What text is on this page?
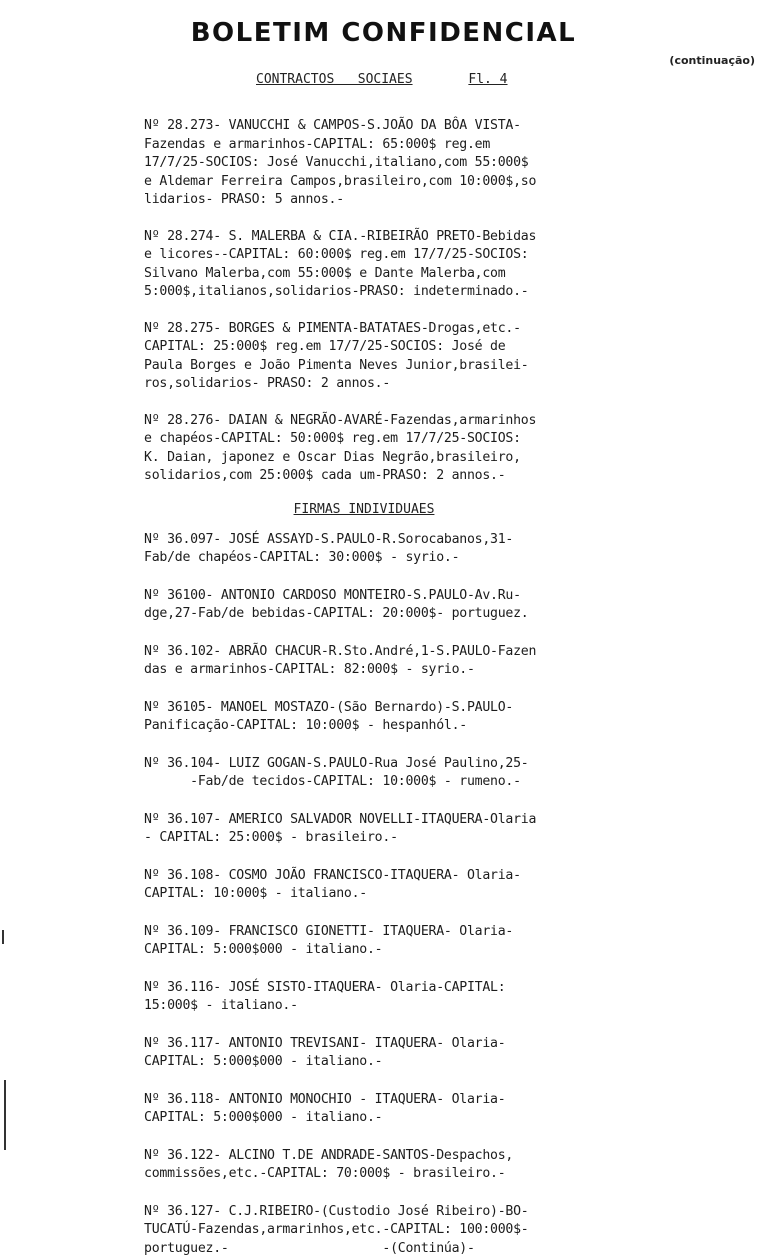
BOLETIM CONFIDENCIAL
(continuação)
CONTRACTOS   SOCIAES	Fl. 4
Nº 28.273- VANUCCHI & CAMPOS-S.JOÃO DA BÔA VISTA-
Fazendas e armarinhos-CAPITAL: 65:000$ reg.em
17/7/25-SOCIOS: José Vanucchi,italiano,com 55:000$
e Aldemar Ferreira Campos,brasileiro,com 10:000$,so
lidarios- PRASO: 5 annos.-
Nº 28.274- S. MALERBA & CIA.-RIBEIRÃO PRETO-Bebidas
e licores--CAPITAL: 60:000$ reg.em 17/7/25-SOCIOS:
Silvano Malerba,com 55:000$ e Dante Malerba,com
5:000$,italianos,solidarios-PRASO: indeterminado.-
Nº 28.275- BORGES & PIMENTA-BATATAES-Drogas,etc.-
CAPITAL: 25:000$ reg.em 17/7/25-SOCIOS: José de
Paula Borges e João Pimenta Neves Junior,brasilei-
ros,solidarios- PRASO: 2 annos.-
Nº 28.276- DAIAN & NEGRÃO-AVARÉ-Fazendas,armarinhos
e chapéos-CAPITAL: 50:000$ reg.em 17/7/25-SOCIOS:
K. Daian, japonez e Oscar Dias Negrão,brasileiro,
solidarios,com 25:000$ cada um-PRASO: 2 annos.-
FIRMAS INDIVIDUAES
Nº 36.097- JOSÉ ASSAYD-S.PAULO-R.Sorocabanos,31-
Fab/de chapéos-CAPITAL: 30:000$ - syrio.-
Nº 36100- ANTONIO CARDOSO MONTEIRO-S.PAULO-Av.Ru-
dge,27-Fab/de bebidas-CAPITAL: 20:000$- portuguez.
Nº 36.102- ABRÃO CHACUR-R.Sto.André,1-S.PAULO-Fazen
das e armarinhos-CAPITAL: 82:000$ - syrio.-
Nº 36105- MANOEL MOSTAZO-(São Bernardo)-S.PAULO-
Panificação-CAPITAL: 10:000$ - hespanhól.-
Nº 36.104- LUIZ GOGAN-S.PAULO-Rua José Paulino,25-
-Fab/de tecidos-CAPITAL: 10:000$ - rumeno.-
Nº 36.107- AMERICO SALVADOR NOVELLI-ITAQUERA-Olaria
- CAPITAL: 25:000$ - brasileiro.-
Nº 36.108- COSMO JOÃO FRANCISCO-ITAQUERA- Olaria-
CAPITAL: 10:000$ - italiano.-
Nº 36.109- FRANCISCO GIONETTI- ITAQUERA- Olaria-
CAPITAL: 5:000$000 - italiano.-
Nº 36.116- JOSÉ SISTO-ITAQUERA- Olaria-CAPITAL:
15:000$ - italiano.-
Nº 36.117- ANTONIO TREVISANI- ITAQUERA- Olaria-
CAPITAL: 5:000$000 - italiano.-
Nº 36.118- ANTONIO MONOCHIO - ITAQUERA- Olaria-
CAPITAL: 5:000$000 - italiano.-
Nº 36.122- ALCINO T.DE ANDRADE-SANTOS-Despachos,
commissões,etc.-CAPITAL: 70:000$ - brasileiro.-
Nº 36.127- C.J.RIBEIRO-(Custodio José Ribeiro)-BO-
TUCATÚ-Fazendas,armarinhos,etc.-CAPITAL: 100:000$-
portuguez.-                    -(Continúa)-
